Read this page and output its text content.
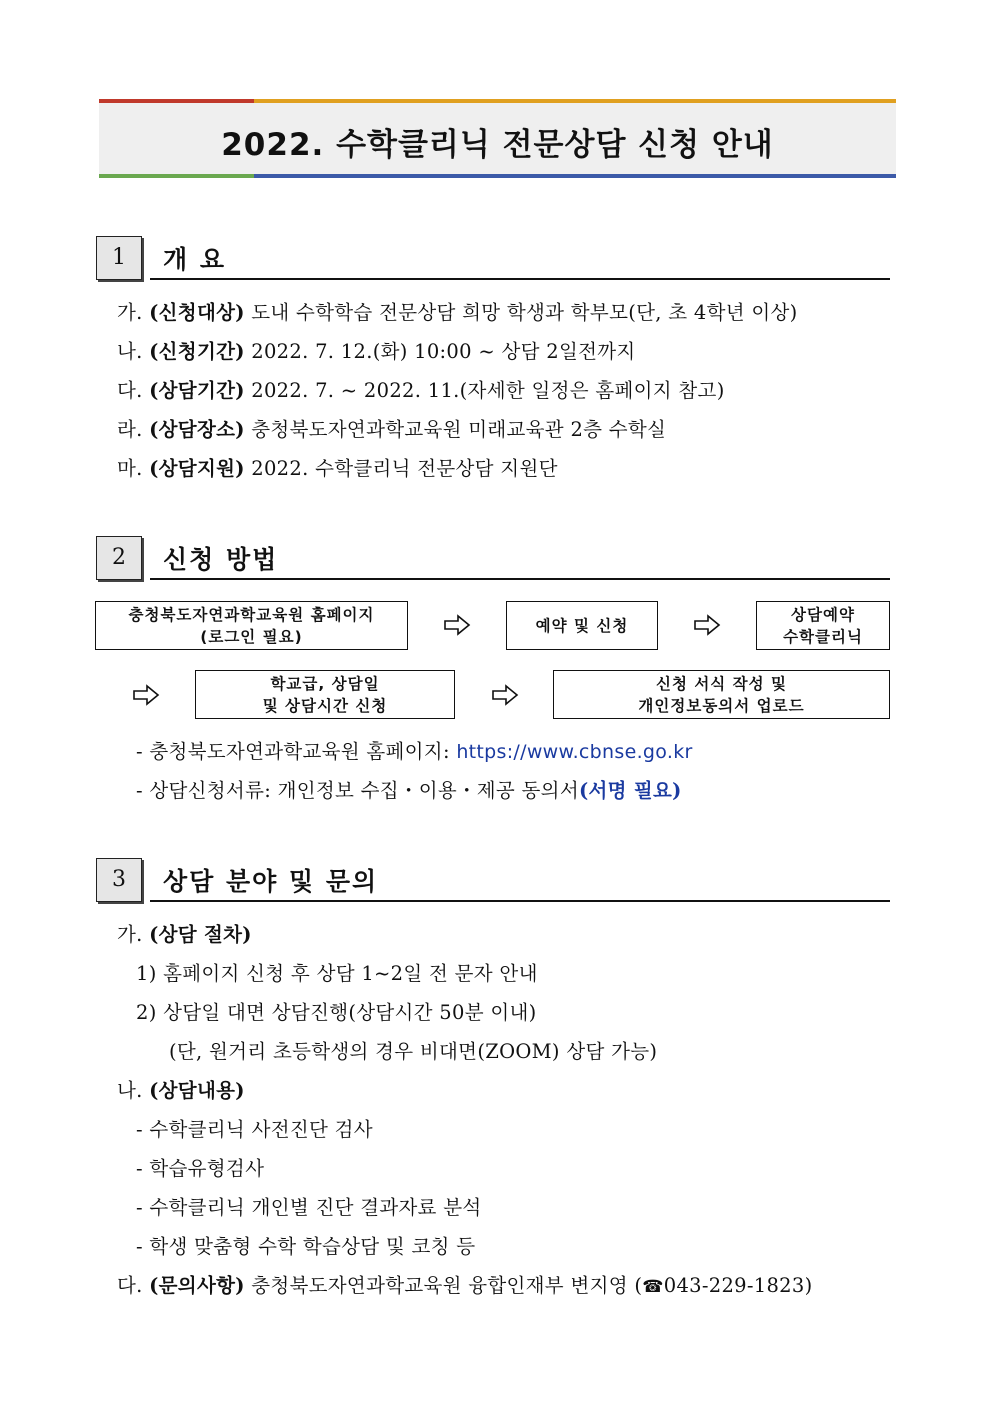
2022. 수학클리닉 전문상담 신청 안내
1	개 요
가. (신청대상) 도내 수학학습 전문상담 희망 학생과 학부모(단, 초 4학년 이상)
나. (신청기간) 2022. 7. 12.(화) 10:00 ~ 상담 2일전까지
다. (상담기간) 2022. 7. ~ 2022. 11.(자세한 일정은 홈페이지 참고)
라. (상담장소) 충청북도자연과학교육원 미래교육관 2층 수학실
마. (상담지원) 2022. 수학클리닉 전문상담 지원단
2	신청 방법
충청북도자연과학교육원 홈페이지
(로그인 필요)
예약 및 신청
상담예약
수학클리닉
학교급, 상담일
및 상담시간 신청
신청 서식 작성 및
개인정보동의서 업로드
- 충청북도자연과학교육원 홈페이지: https://www.cbnse.go.kr
- 상담신청서류: 개인정보 수집・이용・제공 동의서(서명 필요)
3	상담 분야 및 문의
가. (상담 절차)
1) 홈페이지 신청 후 상담 1~2일 전 문자 안내
2) 상담일 대면 상담진행(상담시간 50분 이내)
(단, 원거리 초등학생의 경우 비대면(ZOOM) 상담 가능)
나. (상담내용)
- 수학클리닉 사전진단 검사
- 학습유형검사
- 수학클리닉 개인별 진단 결과자료 분석
- 학생 맞춤형 수학 학습상담 및 코칭 등
다. (문의사항) 충청북도자연과학교육원 융합인재부 변지영 (☎043-229-1823)
